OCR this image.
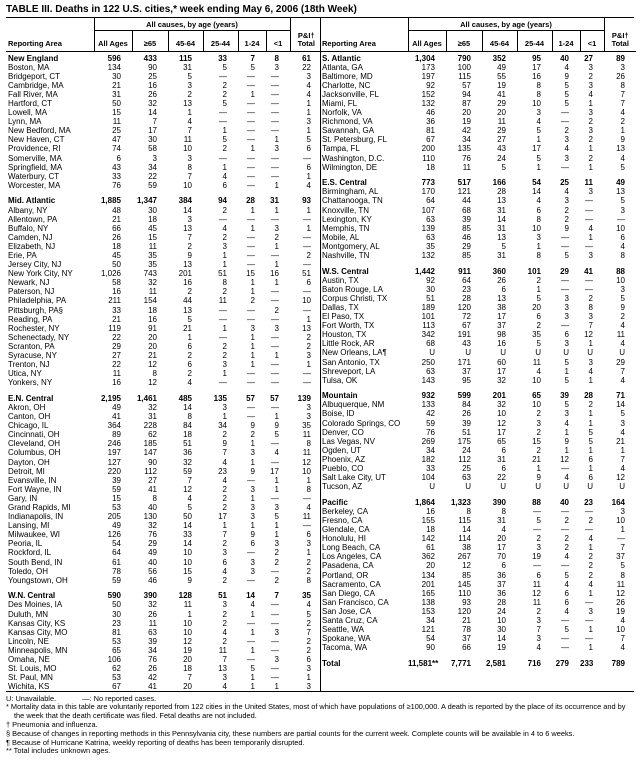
TABLE III. Deaths in 122 U.S. cities,* week ending May 6, 2006 (18th Week)
	All causes, by age (years)						
Reporting Area	All Ages	≥65	45-64	25-44	1-24	<1	P&I† Total
New England	596	433	115	33	7	8	61
Boston, MA	134	90	31	5	5	3	22
Bridgeport, CT	30	25	5	—	—	—	3
Cambridge, MA	21	16	3	2	—	—	4
Fall River, MA	31	26	2	2	1	—	4
Hartford, CT	50	32	13	5	—	—	1
Lowell, MA	15	14	1	—	—	—	1
Lynn, MA	11	7	4	—	—	—	3
New Bedford, MA	25	17	7	1	—	—	1
New Haven, CT	47	30	11	5	—	1	5
Providence, RI	74	58	10	2	1	3	6
Somerville, MA	6	3	3	—	—	—	—
Springfield, MA	43	34	8	1	—	—	6
Waterbury, CT	33	22	7	4	—	—	1
Worcester, MA	76	59	10	6	—	1	4

Mid. Atlantic	1,885	1,347	384	94	28	31	93
Albany, NY	48	30	14	2	1	1	1
Allentown, PA	21	18	3	—	—	—	—
Buffalo, NY	66	45	13	4	1	3	1
Camden, NJ	26	15	7	2	—	2	—
Elizabeth, NJ	18	11	2	3	—	1	—
Erie, PA	45	35	9	1	—	—	2
Jersey City, NJ	50	35	13	1	—	1	—
New York City, NY	1,026	743	201	51	15	16	51
Newark, NJ	58	32	16	8	1	1	6
Paterson, NJ	16	11	2	2	1	—	—
Philadelphia, PA	211	154	44	11	2	—	10
Pittsburgh, PA§	33	18	13	—	—	2	—
Reading, PA	21	16	5	—	—	—	1
Rochester, NY	119	91	21	1	3	3	13
Schenectady, NY	22	20	1	—	1	—	2
Scranton, PA	29	20	6	2	1	—	2
Syracuse, NY	27	21	2	2	1	1	3
Trenton, NJ	22	12	6	3	1	—	1
Utica, NY	11	8	2	1	—	—	—
Yonkers, NY	16	12	4	—	—	—	—

E.N. Central	2,195	1,461	485	135	57	57	139
Akron, OH	49	32	14	3	—	—	3
Canton, OH	41	31	8	1	—	1	3
Chicago, IL	364	228	84	34	9	9	35
Cincinnati, OH	89	62	18	2	2	5	11
Cleveland, OH	246	185	51	9	1	—	8
Columbus, OH	197	147	36	7	3	4	11
Dayton, OH	127	90	32	4	1	—	12
Detroit, MI	220	112	59	23	9	17	10
Evansville, IN	39	27	7	4	—	1	1
Fort Wayne, IN	59	41	12	2	3	1	8
Gary, IN	15	8	4	2	1	—	—
Grand Rapids, MI	53	40	5	2	3	3	4
Indianapolis, IN	205	130	50	17	3	5	11
Lansing, MI	49	32	14	1	1	1	—
Milwaukee, WI	126	76	33	7	9	1	6
Peoria, IL	54	29	14	2	6	3	3
Rockford, IL	64	49	10	3	—	2	1
South Bend, IN	61	40	10	6	3	2	2
Toledo, OH	78	56	15	4	3	—	2
Youngstown, OH	59	46	9	2	—	2	8

W.N. Central	590	390	128	51	14	7	35
Des Moines, IA	50	32	11	3	4	—	4
Duluth, MN	30	26	1	2	1	—	5
Kansas City, KS	23	11	10	2	—	—	2
Kansas City, MO	81	63	10	4	1	3	7
Lincoln, NE	53	39	12	2	—	—	2
Minneapolis, MN	65	34	19	11	1	—	2
Omaha, NE	106	76	20	7	—	3	6
St. Louis, MO	62	26	18	13	5	—	3
St. Paul, MN	53	42	7	3	1	—	1
Wichita, KS	67	41	20	4	1	1	3
	All causes, by age (years)						
Reporting Area	All Ages	≥65	45-64	25-44	1-24	<1	P&I† Total
S. Atlantic	1,304	790	352	95	40	27	89
Atlanta, GA	173	100	49	17	4	3	3
Baltimore, MD	197	115	55	16	9	2	26
Charlotte, NC	92	57	19	8	5	3	8
Jacksonville, FL	152	94	41	8	5	4	7
Miami, FL	132	87	29	10	5	1	7
Norfolk, VA	46	20	20	3	—	3	4
Richmond, VA	36	19	11	4	—	2	2
Savannah, GA	81	42	29	5	2	3	1
St. Petersburg, FL	67	34	27	1	3	2	9
Tampa, FL	200	135	43	17	4	1	13
Washington, D.C.	110	76	24	5	3	2	4
Wilmington, DE	18	11	5	1	—	1	5

E.S. Central	773	517	166	54	25	11	49
Birmingham, AL	170	121	28	14	4	3	13
Chattanooga, TN	64	44	13	4	3	—	5
Knoxville, TN	107	68	31	6	2	—	3
Lexington, KY	63	39	14	8	2	—	—
Memphis, TN	139	85	31	10	9	4	10
Mobile, AL	63	46	13	3	—	1	6
Montgomery, AL	35	29	5	1	—	—	4
Nashville, TN	132	85	31	8	5	3	8

W.S. Central	1,442	911	360	101	29	41	88
Austin, TX	92	64	26	2	—	—	10
Baton Rouge, LA	30	23	6	1	—	—	3
Corpus Christi, TX	51	28	13	5	3	2	5
Dallas, TX	189	120	38	20	3	8	9
El Paso, TX	101	72	17	6	3	3	2
Fort Worth, TX	113	67	37	2	—	7	4
Houston, TX	342	191	98	35	6	12	11
Little Rock, AR	68	43	16	5	3	1	4
New Orleans, LA¶	U	U	U	U	U	U	U
San Antonio, TX	250	171	60	11	5	3	29
Shreveport, LA	63	37	17	4	1	4	7
Tulsa, OK	143	95	32	10	5	1	4

Mountain	932	599	201	65	39	28	71
Albuquerque, NM	133	84	32	10	5	2	14
Boise, ID	42	26	10	2	3	1	5
Colorado Springs, CO	59	39	12	3	4	1	3
Denver, CO	76	51	17	2	1	5	4
Las Vegas, NV	269	175	65	15	9	5	21
Ogden, UT	34	24	6	2	1	1	1
Phoenix, AZ	182	112	31	21	12	6	7
Pueblo, CO	33	25	6	1	—	1	4
Salt Lake City, UT	104	63	22	9	4	6	12
Tucson, AZ	U	U	U	U	U	U	U

Pacific	1,864	1,323	390	88	40	23	164
Berkeley, CA	16	8	8	—	—	—	3
Fresno, CA	155	115	31	5	2	2	10
Glendale, CA	18	14	4	—	—	—	1
Honolulu, HI	142	114	20	2	2	4	—
Long Beach, CA	61	38	17	3	2	1	7
Los Angeles, CA	362	267	70	19	4	2	37
Pasadena, CA	20	12	6	—	—	2	5
Portland, OR	134	85	36	6	5	2	8
Sacramento, CA	201	145	37	11	4	4	11
San Diego, CA	165	110	36	12	6	1	12
San Francisco, CA	138	93	28	11	6	—	26
San Jose, CA	153	120	24	2	4	3	19
Santa Cruz, CA	34	21	10	3	—	—	4
Seattle, WA	121	78	30	7	5	1	10
Spokane, WA	54	37	14	3	—	—	7
Tacoma, WA	90	66	19	4	—	1	4

Total	11,581**	7,771	2,581	716	279	233	789
U: Unavailable.	—: No reported cases.
* Mortality data in this table are voluntarily reported from 122 cities in the United States, most of which have populations of ≥100,000. A death is reported by the place of its occurrence and by the week that the death certificate was filed. Fetal deaths are not included.
† Pneumonia and influenza.
§ Because of changes in reporting methods in this Pennsylvania city, these numbers are partial counts for the current week. Complete counts will be available in 4 to 6 weeks.
¶ Because of Hurricane Katrina, weekly reporting of deaths has been temporarily disrupted.
** Total includes unknown ages.
